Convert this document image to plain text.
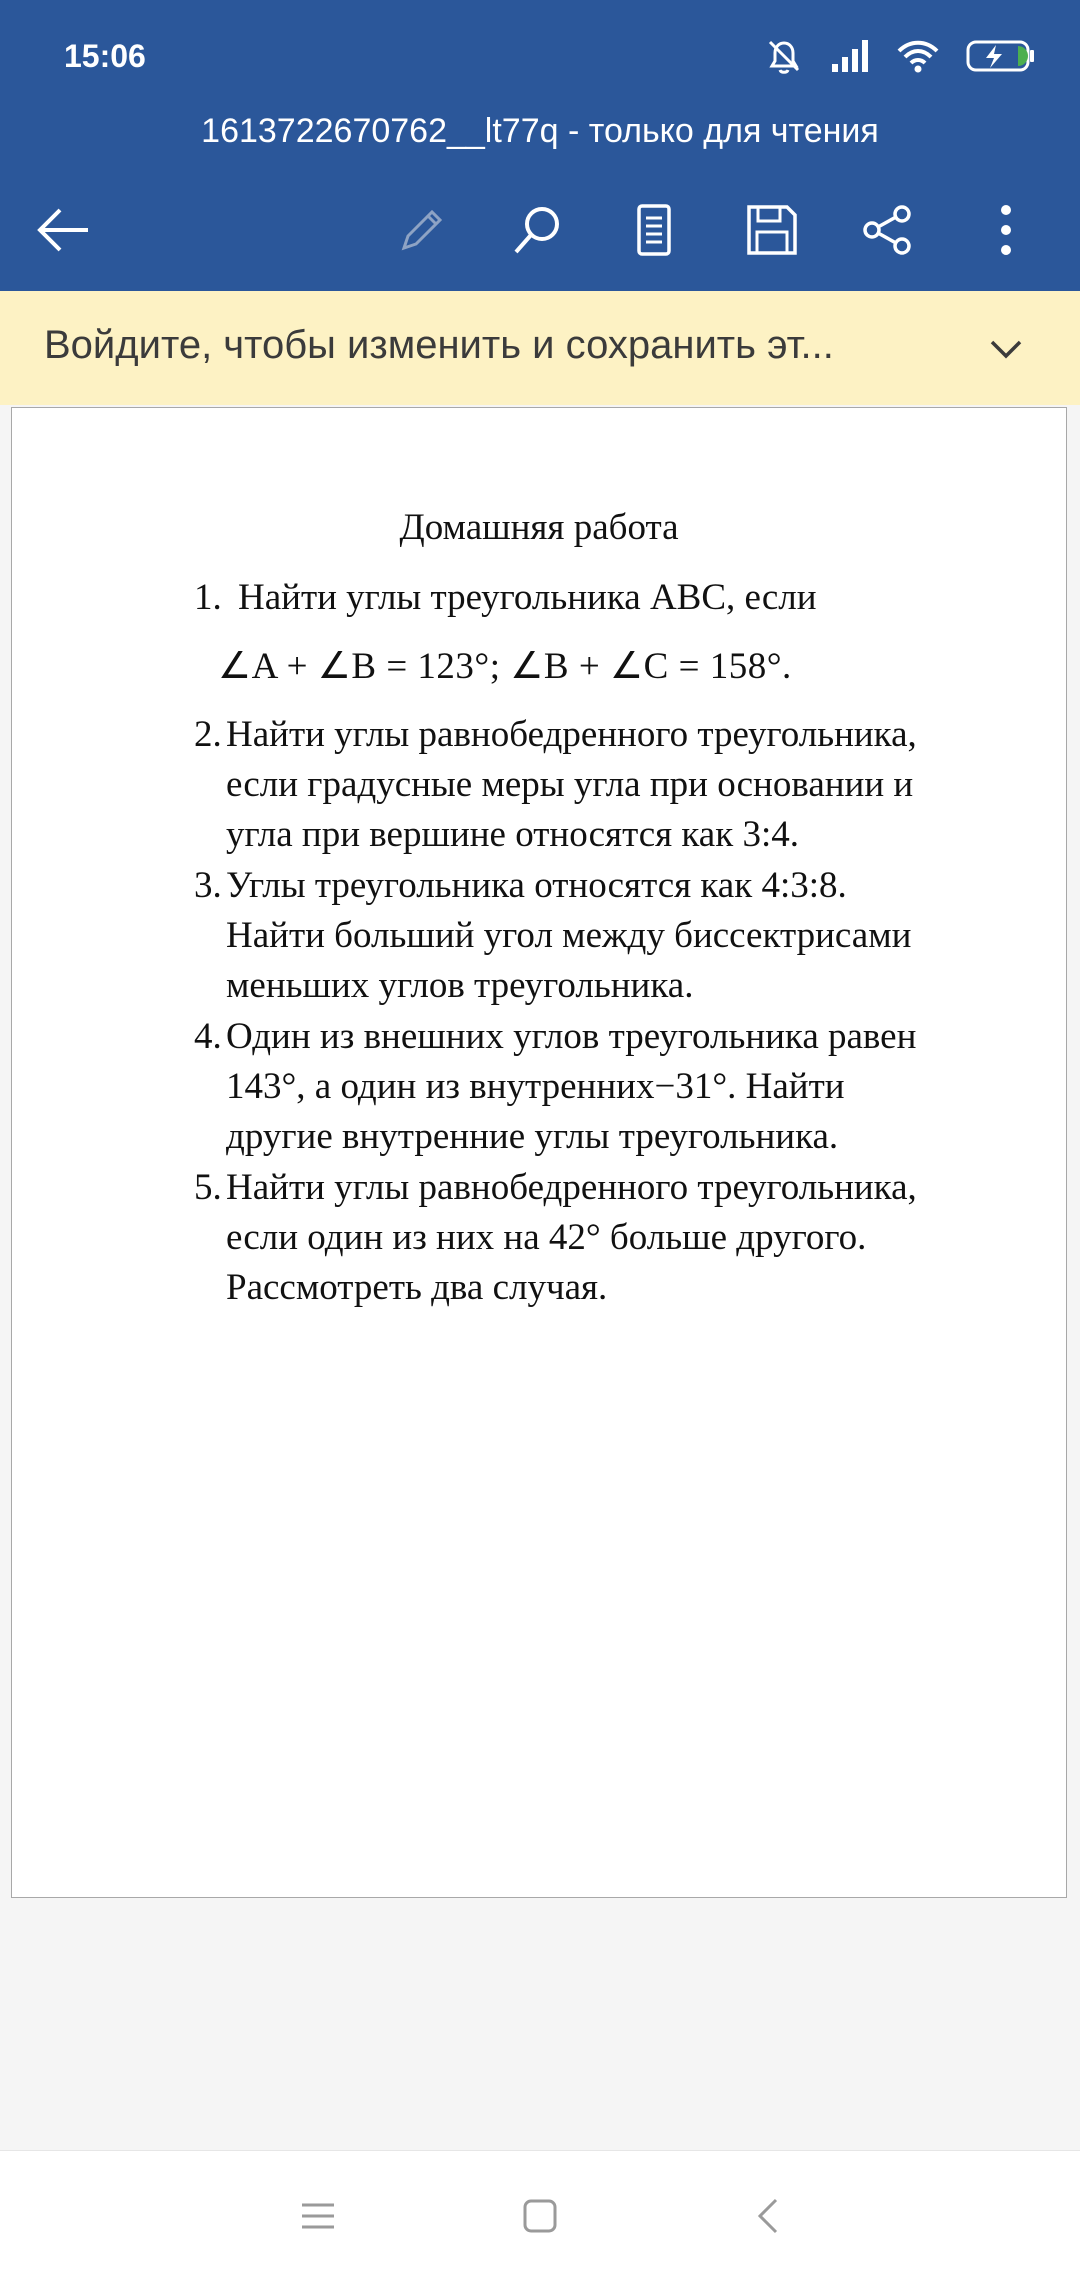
15:06
1613722670762__lt77q - только для чтения
Войдите, чтобы изменить и сохранить эт...
Домашняя работа
1. Найти углы треугольника ABC, если
∠A + ∠B = 123°; ∠B + ∠C = 158°.
2. Найти углы равнобедренного треугольника,
если градусные меры угла при основании и
угла при вершине относятся как 3:4.
3. Углы треугольника относятся как 4:3:8.
Найти больший угол между биссектрисами
меньших углов треугольника.
4. Один из внешних углов треугольника равен
143°, а один из внутренних−31°. Найти
другие внутренние углы треугольника.
5. Найти углы равнобедренного треугольника,
если один из них на 42° больше другого.
Рассмотреть два случая.
